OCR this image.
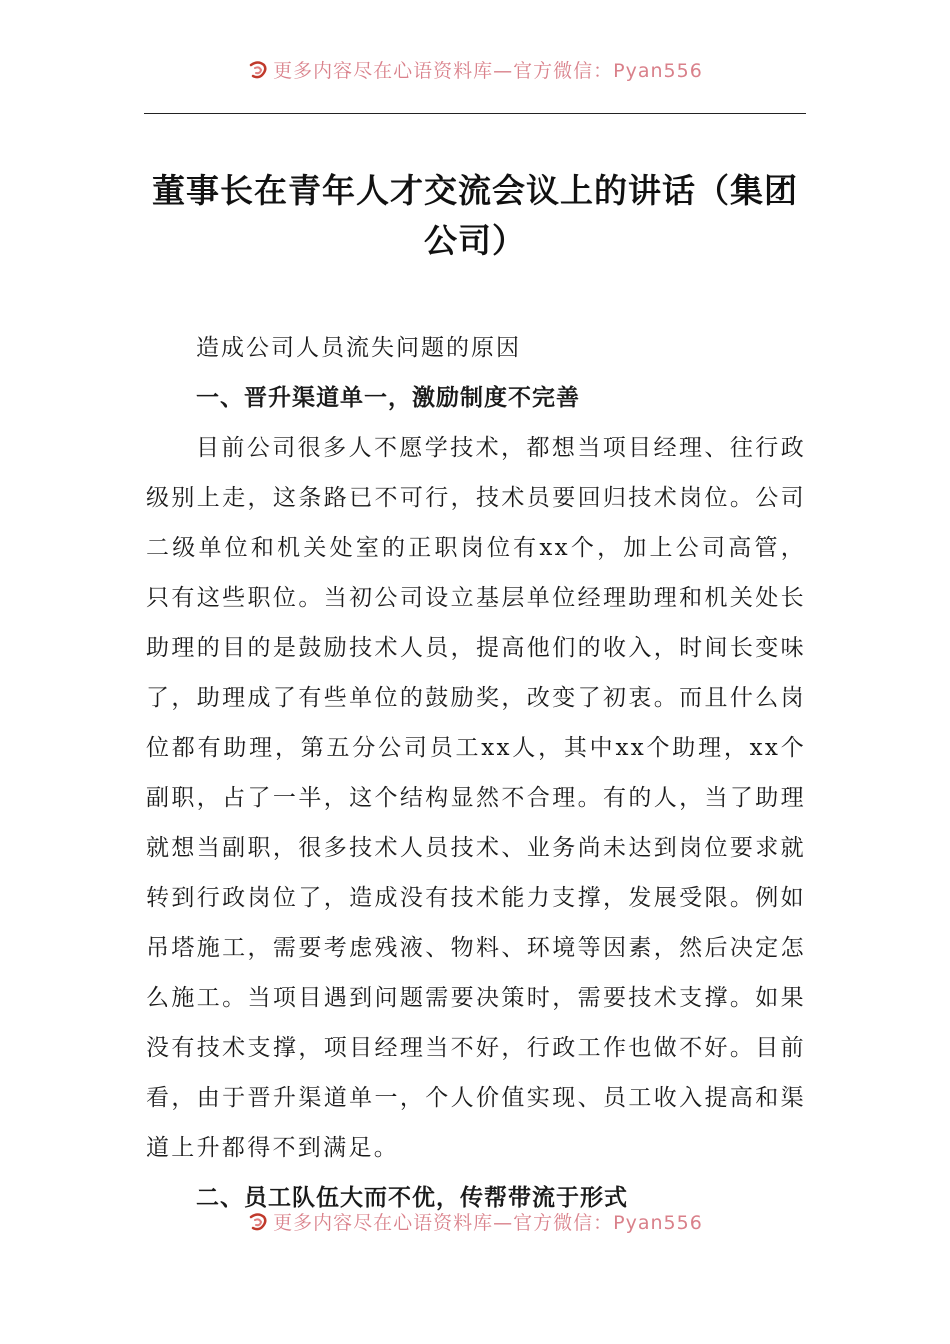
更多内容尽在心语资料库—官方微信：Pyan556
董事长在青年人才交流会议上的讲话（集团公司）

造成公司人员流失问题的原因

一、晋升渠道单一，激励制度不完善

目前公司很多人不愿学技术，都想当项目经理、往行政级别上走，这条路已不可行，技术员要回归技术岗位。公司二级单位和机关处室的正职岗位有xx个，加上公司高管，只有这些职位。当初公司设立基层单位经理助理和机关处长助理的目的是鼓励技术人员，提高他们的收入，时间长变味了，助理成了有些单位的鼓励奖，改变了初衷。而且什么岗位都有助理，第五分公司员工xx人，其中xx个助理，xx个副职，占了一半，这个结构显然不合理。有的人，当了助理就想当副职，很多技术人员技术、业务尚未达到岗位要求就转到行政岗位了，造成没有技术能力支撑，发展受限。例如吊塔施工，需要考虑残液、物料、环境等因素，然后决定怎么施工。当项目遇到问题需要决策时，需要技术支撑。如果没有技术支撑，项目经理当不好，行政工作也做不好。目前看，由于晋升渠道单一，个人价值实现、员工收入提高和渠道上升都得不到满足。

二、员工队伍大而不优，传帮带流于形式

更多内容尽在心语资料库—官方微信：Pyan556
